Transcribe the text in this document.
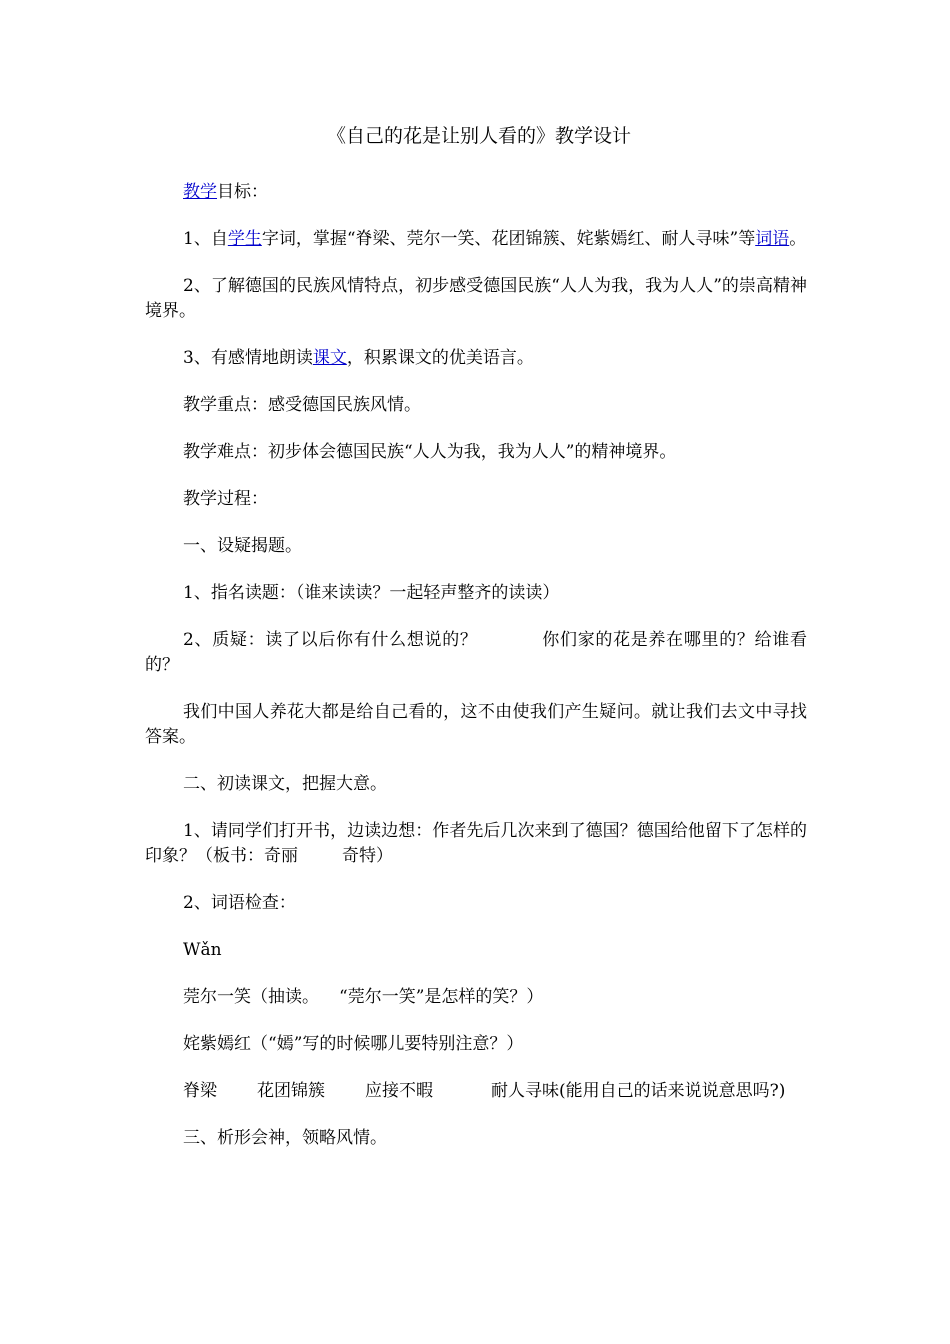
《自己的花是让别人看的》教学设计

教学目标：

1、自学生字词，掌握“脊梁、莞尔一笑、花团锦簇、姹紫嫣红、耐人寻味”等词语。

2、了解德国的民族风情特点，初步感受德国民族“人人为我，我为人人”的崇高精神境界。

3、有感情地朗读课文，积累课文的优美语言。

教学重点：感受德国民族风情。

教学难点：初步体会德国民族“人人为我，我为人人”的精神境界。

教学过程：

一、设疑揭题。

1、指名读题：（谁来读读？一起轻声整齐的读读）

2、质疑：读了以后你有什么想说的？	你们家的花是养在哪里的？给谁看的？

我们中国人养花大都是给自己看的，这不由使我们产生疑问。就让我们去文中寻找答案。

二、初读课文，把握大意。

1、请同学们打开书，边读边想：作者先后几次来到了德国？德国给他留下了怎样的印象？（板书：奇丽	奇特）

2、词语检查：

Wǎn

莞尔一笑（抽读。 “莞尔一笑”是怎样的笑？）

姹紫嫣红（“嫣”写的时候哪儿要特别注意？）

脊梁 花团锦簇 应接不暇	耐人寻味(能用自己的话来说说意思吗?)

三、析形会神，领略风情。
